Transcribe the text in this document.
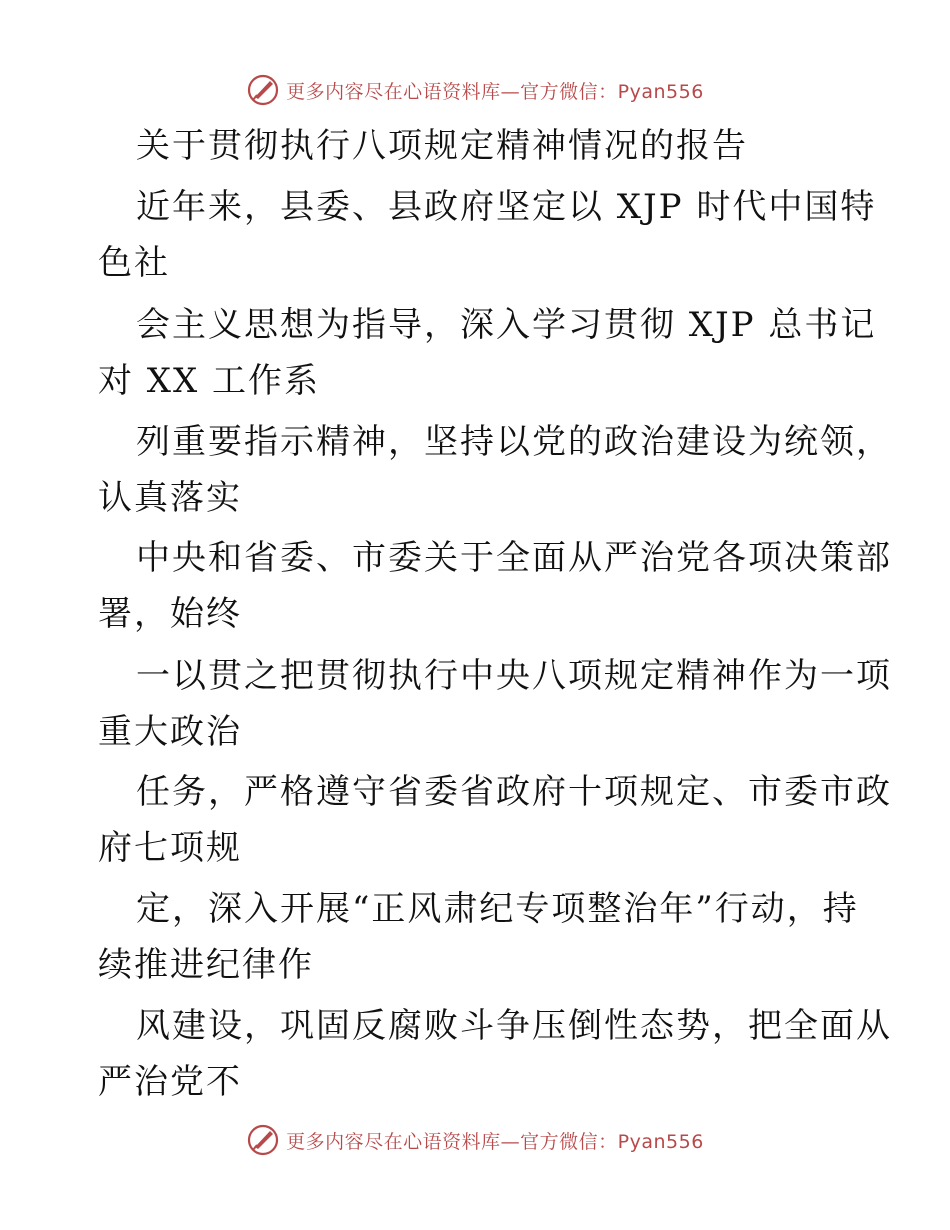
更多内容尽在心语资料库—官方微信：Pyan556
关于贯彻执行八项规定精神情况的报告
近年来，县委、县政府坚定以 XJP 时代中国特
色社
会主义思想为指导，深入学习贯彻 XJP 总书记
对 XX 工作系
列重要指示精神，坚持以党的政治建设为统领，
认真落实
中央和省委、市委关于全面从严治党各项决策部
署，始终
一以贯之把贯彻执行中央八项规定精神作为一项
重大政治
任务，严格遵守省委省政府十项规定、市委市政
府七项规
定，深入开展“正风肃纪专项整治年”行动，持
续推进纪律作
风建设，巩固反腐败斗争压倒性态势，把全面从
严治党不
更多内容尽在心语资料库—官方微信：Pyan556
